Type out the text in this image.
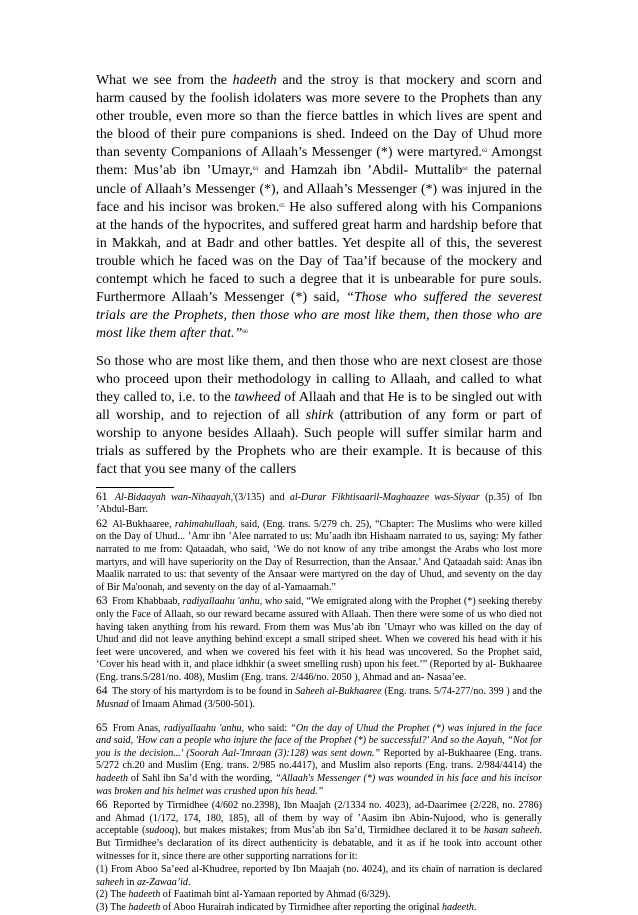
What we see from the hadeeth and the stroy is that mockery and scorn and harm caused by the foolish idolaters was more severe to the Prophets than any other trouble, even more so than the fierce battles in which lives are spent and the blood of their pure companions is shed. Indeed on the Day of Uhud more than seventy Companions of Allaah’s Messenger (*) were martyred.$^{62}$ Amongst them: Mus’ab ibn ’Umayr,$^{63}$ and Hamzah ibn ’Abdil- Muttalib$^{64}$ the paternal uncle of Allaah’s Messenger (*), and Allaah’s Messenger (*) was injured in the face and his incisor was broken.$^{65}$ He also suffered along with his Companions at the hands of the hypocrites, and suffered great harm and hardship before that in Makkah, and at Badr and other battles. Yet despite all of this, the severest trouble which he faced was on the Day of Taa’if because of the mockery and contempt which he faced to such a degree that it is unbearable for pure souls. Furthermore Allaah’s Messenger (*) said, “Those who suffered the severest trials are the Prophets, then those who are most like them, then those who are most like them after that.”$^{66}$

So those who are most like them, and then those who are next closest are those who proceed upon their methodology in calling to Allaah, and called to what they called to, i.e. to the tawheed of Allaah and that He is to be singled out with all worship, and to rejection of all shirk (attribution of any form or part of worship to anyone besides Allaah). Such people will suffer similar harm and trials as suffered by the Prophets who are their example. It is because of this fact that you see many of the callers

61 Al-Bidaayah wan-Nihaayah,'(3/135) and al-Durar Fikhtisaaril-Maghaazee was-Siyaar (p.35) of Ibn ’Abdul-Barr.

62 Al-Bukhaaree, rahimahullaah, said, (Eng. trans. 5/279 ch. 25), “Chapter: The Muslims who were killed on the Day of Uhud... ’Amr ibn ’Alee narrated to us: Mu’aadh ibn Hishaam narrated to us, saying: My father narrated to me from: Qataadah, who said, ‘We do not know of any tribe amongst the Arabs who lost more martyrs, and will have superiority on the Day of Resurrection, than the Ansaar.’ And Qataadah said: Anas ibn Maalik narrated to us: that seventy of the Ansaar were martyred on the day of Uhud, and seventy on the day of Bir Ma'oonah, and seventy on the day of al-Yamaamah.”

63 From Khabbaab, radiyallaahu 'anhu, who said, “We emigrated along with the Prophet (*) seeking thereby only the Face of Allaah, so our reward became assured with Allaah. Then there were some of us who died not having taken anything from his reward. From them was Mus’ab ibn ’Umayr who was killed on the day of Uhud and did not leave anything behind except a small striped sheet. When we covered his head with it his feet were uncovered, and when we covered his feet with it his head was uncovered. So the Prophet said, ‘Cover his head with it, and place idhkhir (a sweet smelling rush) upon his feet.’” (Reported by al- Bukhaaree (Eng. trans.5/281/no. 408), Muslim (Eng. trans. 2/446/no. 2050 ), Ahmad and an- Nasaa’ee.

64 The story of his martyrdom is to be found in Saheeh al-Bukhaaree (Eng. trans. 5/74-277/no. 399 ) and the Musnad of Imaam Ahmad (3/500-501).

65 From Anas, radiyallaahu 'anhu, who said: “On the day of Uhud the Prophet (*) was injured in the face and said, 'How can a people who injure the face of the Prophet (*) be successful?' And so the Aayah, “Not for you is the decision...' (Soorah Aal-'Imraan (3):128) was sent down.” Reported by al-Bukhaaree (Eng. trans. 5/272 ch.20 and Muslim (Eng. trans. 2/985 no.4417), and Muslim also reports (Eng. trans. 2/984/4414) the hadeeth of Sahl ibn Sa’d with the wording, “Allaah's Messenger (*) was wounded in his face and his incisor was broken and his helmet was crushed upon his head.”

66 Reported by Tirmidhee (4/602 no.2398), Ibn Maajah (2/1334 no. 4023), ad-Daarimee (2/228, no. 2786) and Ahmad (1/172, 174, 180, 185), all of them by way of ’Aasim ibn Abin-Nujood, who is generally acceptable (sudooq), but makes mistakes; from Mus’ab ibn Sa’d, Tirmidhee declared it to be hasan saheeh. But Tirmidhee’s declaration of its direct authenticity is debatable, and it as if he took into account other witnesses for it, since there are other supporting narrations for it:

(1) From Aboo Sa’eed al-Khudree, reported by Ibn Maajah (no. 4024), and its chain of narration is declared saheeh in az-Zawaa’id.

(2) The hadeeth of Faatimah bint al-Yamaan reported by Ahmad (6/329).

(3) The hadeeth of Aboo Hurairah indicated by Tirmidhee after reporting the original hadeeth.
